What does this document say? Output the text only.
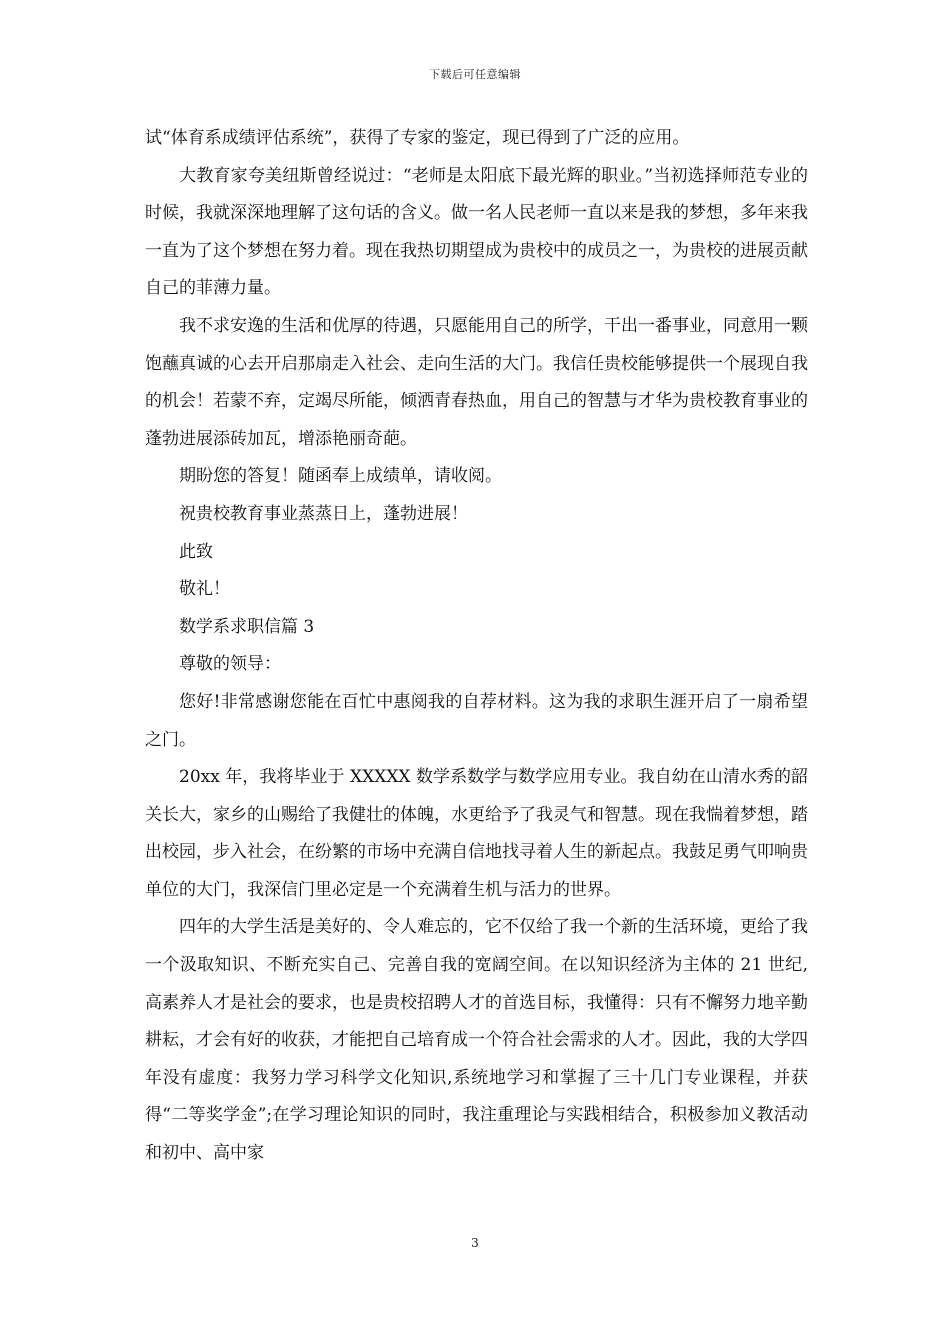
下载后可任意编辑

试“体育系成绩评估系统”，获得了专家的鉴定，现已得到了广泛的应用。

大教育家夸美纽斯曾经说过：“老师是太阳底下最光辉的职业。”当初选择师范专业的时候，我就深深地理解了这句话的含义。做一名人民老师一直以来是我的梦想，多年来我一直为了这个梦想在努力着。现在我热切期望成为贵校中的成员之一，为贵校的进展贡献自己的菲薄力量。

我不求安逸的生活和优厚的待遇，只愿能用自己的所学，干出一番事业，同意用一颗饱蘸真诚的心去开启那扇走入社会、走向生活的大门。我信任贵校能够提供一个展现自我的机会！若蒙不弃，定竭尽所能，倾洒青春热血，用自己的智慧与才华为贵校教育事业的蓬勃进展添砖加瓦，增添艳丽奇葩。

期盼您的答复！随函奉上成绩单，请收阅。

祝贵校教育事业蒸蒸日上，蓬勃进展！

此致

敬礼！

数学系求职信篇 3

尊敬的领导：

您好!非常感谢您能在百忙中惠阅我的自荐材料。这为我的求职生涯开启了一扇希望之门。

20xx 年，我将毕业于 XXXXX 数学系数学与数学应用专业。我自幼在山清水秀的韶关长大，家乡的山赐给了我健壮的体魄，水更给予了我灵气和智慧。现在我惴着梦想，踏出校园，步入社会，在纷繁的市场中充满自信地找寻着人生的新起点。我鼓足勇气叩响贵单位的大门，我深信门里必定是一个充满着生机与活力的世界。

四年的大学生活是美好的、令人难忘的，它不仅给了我一个新的生活环境，更给了我一个汲取知识、不断充实自己、完善自我的宽阔空间。在以知识经济为主体的 21 世纪,高素养人才是社会的要求，也是贵校招聘人才的首选目标，我懂得：只有不懈努力地辛勤耕耘，才会有好的收获，才能把自己培育成一个符合社会需求的人才。因此，我的大学四年没有虚度：我努力学习科学文化知识,系统地学习和掌握了三十几门专业课程，并获得“二等奖学金”;在学习理论知识的同时，我注重理论与实践相结合，积极参加义教活动和初中、高中家

3
